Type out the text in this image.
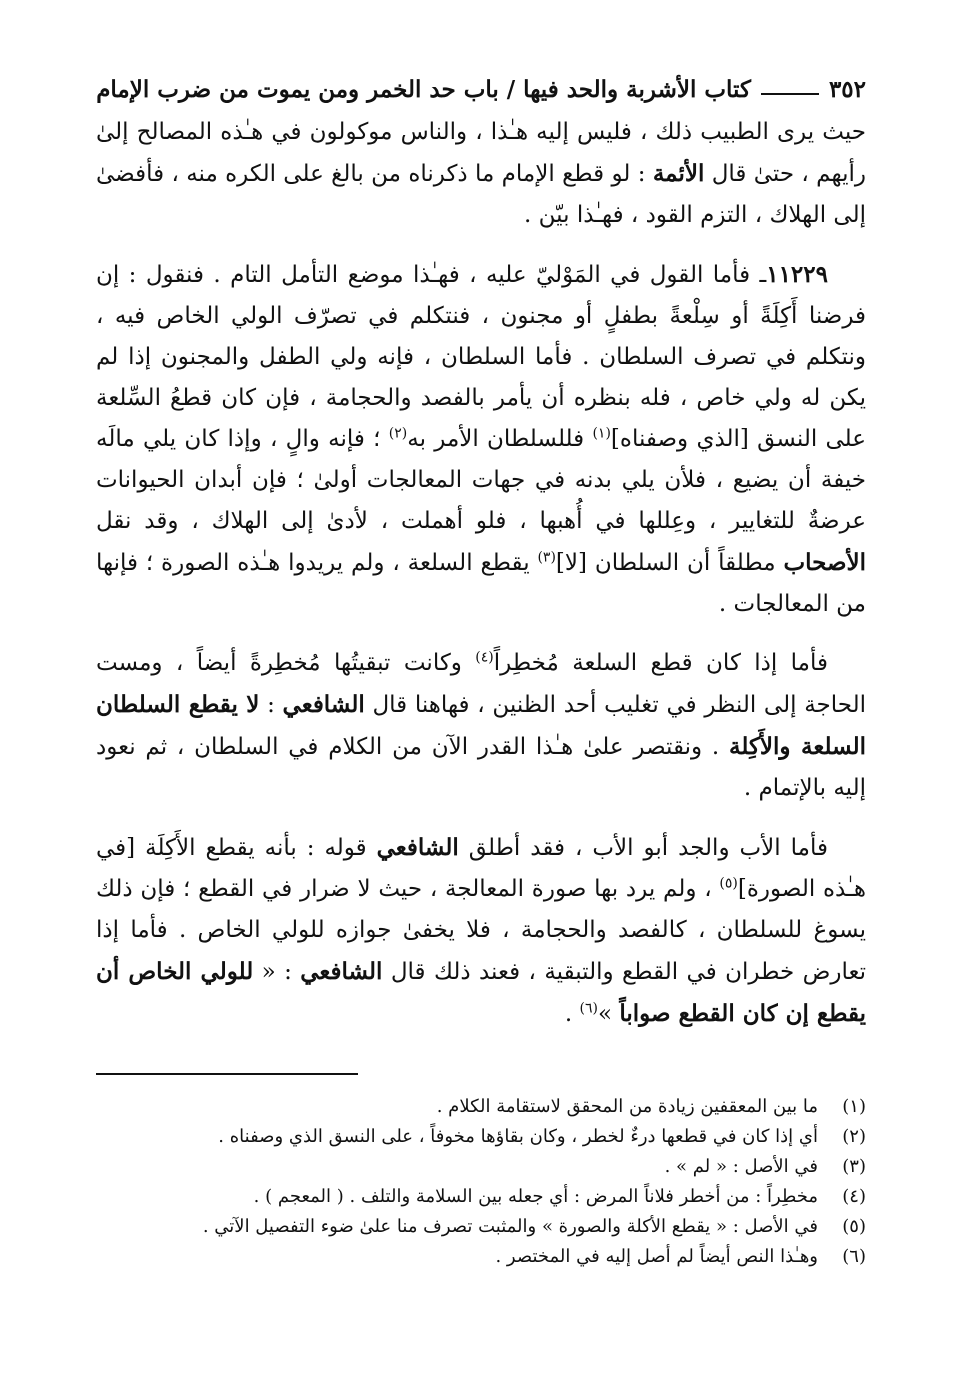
٣٥٢
كتاب الأشربة والحد فيها / باب حد الخمر ومن يموت من ضرب الإمام

حيث يرى الطبيب ذلك ، فليس إليه هـٰذا ، والناس موكولون في هـٰذه المصالح إلىٰ رأيهم ، حتىٰ قال الأئمة : لو قطع الإمام ما ذكرناه من بالغ على الكره منه ، فأفضىٰ إلى الهلاك ، التزم القود ، فهـٰذا بيّن .

١١٢٢٩ـ فأما القول في المَوْليّ عليه ، فهـٰذا موضع التأمل التام . فنقول : إن فرضنا أَكِلَةً أو سِلْعةً بطفلٍ أو مجنون ، فنتكلم في تصرّف الولي الخاص فيه ، ونتكلم في تصرف السلطان . فأما السلطان ، فإنه ولي الطفل والمجنون إذا لم يكن له ولي خاص ، فله بنظره أن يأمر بالفصد والحجامة ، فإن كان قطعُ السِّلعة على النسق [الذي وصفناه]$^{(١)}$ فللسلطان الأمر به$^{(٢)}$ ؛ فإنه والٍ ، وإذا كان يلي مالَه خيفة أن يضيع ، فلأن يلي بدنه في جهات المعالجات أولىٰ ؛ فإن أبدان الحيوانات عرضةٌ للتغايير ، وعِللها في أُهبها ، فلو أهملت ، لأدىٰ إلى الهلاك ، وقد نقل الأصحاب مطلقاً أن السلطان [لا]$^{(٣)}$ يقطع السلعة ، ولم يريدوا هـٰذه الصورة ؛ فإنها من المعالجات .

فأما إذا كان قطع السلعة مُخطِراً$^{(٤)}$ وكانت تبقيتُها مُخطِرةً أيضاً ، ومست الحاجة إلى النظر في تغليب أحد الظنين ، فهاهنا قال الشافعي : لا يقطع السلطان السلعة والأَكِلة . ونقتصر علىٰ هـٰذا القدر الآن من الكلام في السلطان ، ثم نعود إليه بالإتمام .

فأما الأب والجد أبو الأب ، فقد أطلق الشافعي قوله : بأنه يقطع الأَكِلَة [في هـٰذه الصورة]$^{(٥)}$ ، ولم يرد بها صورة المعالجة ، حيث لا ضرار في القطع ؛ فإن ذلك يسوغ للسلطان ، كالفصد والحجامة ، فلا يخفىٰ جوازه للولي الخاص . فأما إذا تعارض خطران في القطع والتبقية ، فعند ذلك قال الشافعي : « للولي الخاص أن يقطع إن كان القطع صواباً »$^{(٦)}$ .

(١)
ما بين المعقفين زيادة من المحقق لاستقامة الكلام .
(٢)
أي إذا كان في قطعها درءٌ لخطر ، وكان بقاؤها مخوفاً ، على النسق الذي وصفناه .
(٣)
في الأصل : « لم » .
(٤)
مخطِراً : من أخطر فلاناً المرض : أي جعله بين السلامة والتلف . ( المعجم ) .
(٥)
في الأصل : « يقطع الأكلة والصورة » والمثبت تصرف منا علىٰ ضوء التفصيل الآتي .
(٦)
وهـٰذا النص أيضاً لم أصل إليه في المختصر .
